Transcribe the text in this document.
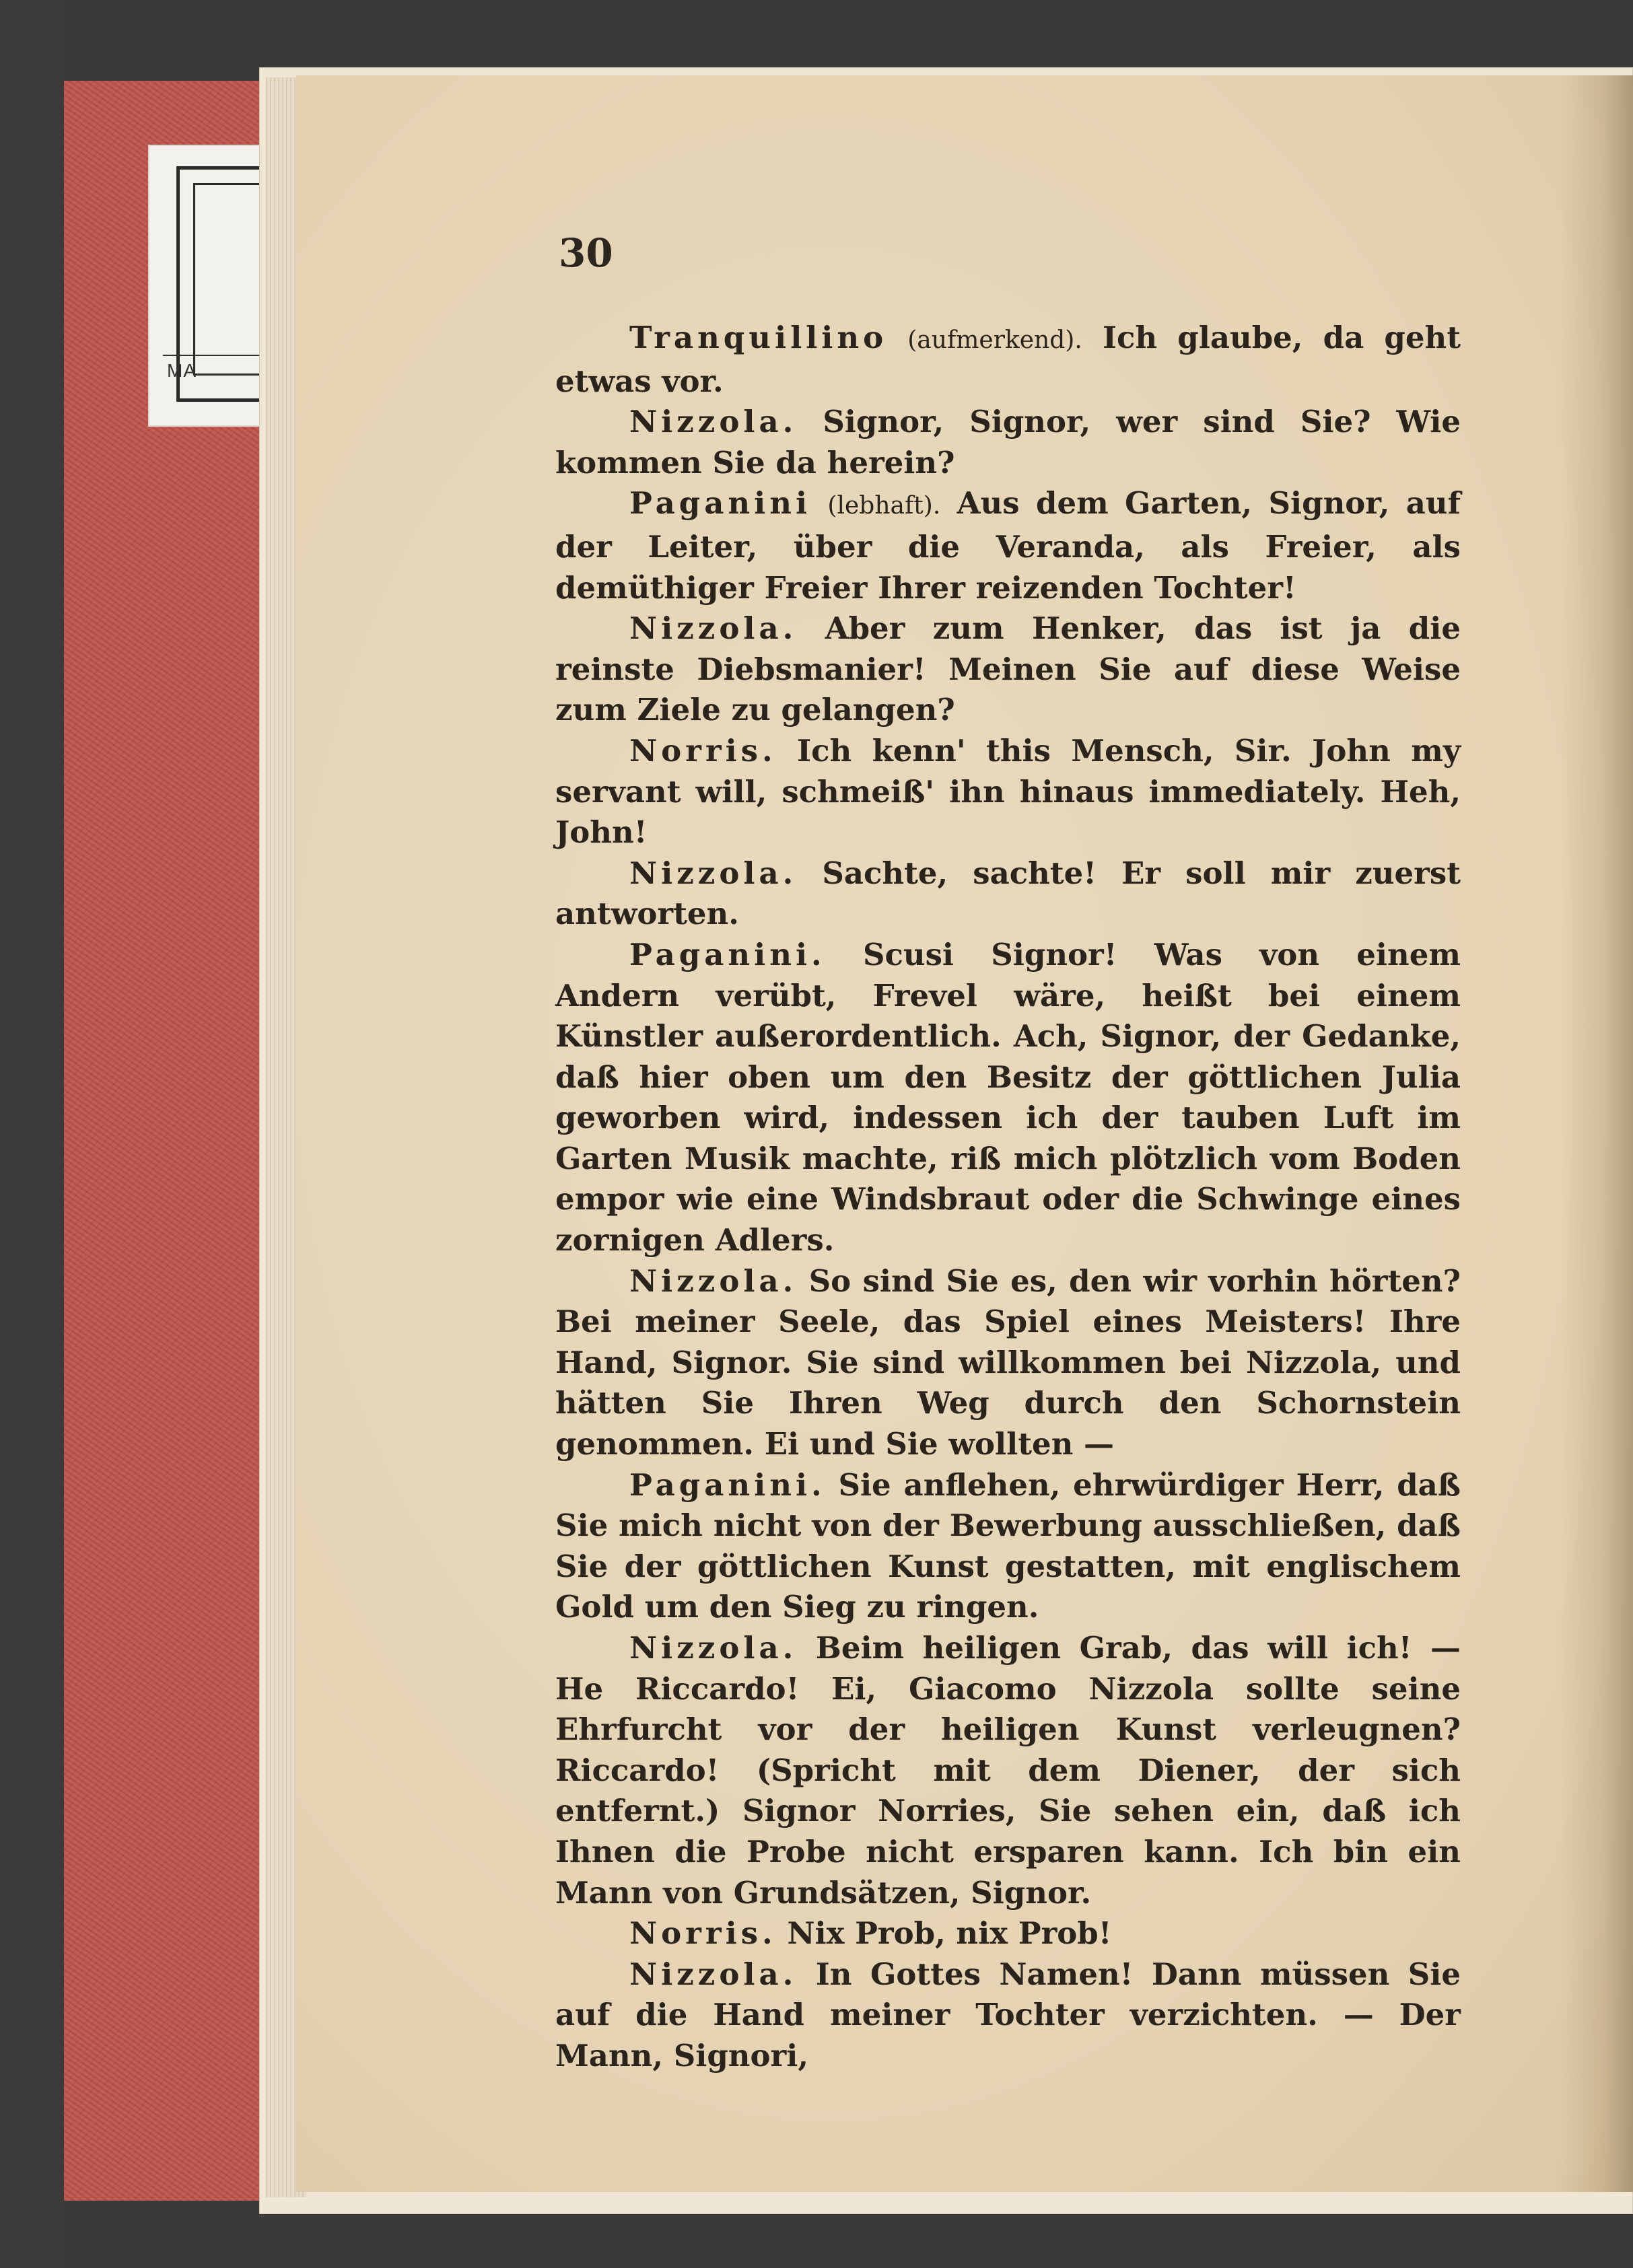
MA
30

Tranquillino (aufmerkend). Ich glaube, da geht etwas vor.

Nizzola. Signor, Signor, wer sind Sie? Wie kommen Sie da herein?

Paganini (lebhaft). Aus dem Garten, Signor, auf der Leiter, über die Veranda, als Freier, als demüthiger Freier Ihrer reizenden Tochter!

Nizzola. Aber zum Henker, das ist ja die reinste Diebsmanier! Meinen Sie auf diese Weise zum Ziele zu gelangen?

Norris. Ich kenn' this Mensch, Sir. John my servant will, schmeiß' ihn hinaus immediately. Heh, John!

Nizzola. Sachte, sachte! Er soll mir zuerst antworten.

Paganini. Scusi Signor! Was von einem Andern verübt, Frevel wäre, heißt bei einem Künstler außerordentlich. Ach, Signor, der Gedanke, daß hier oben um den Besitz der göttlichen Julia geworben wird, indessen ich der tauben Luft im Garten Musik machte, riß mich plötzlich vom Boden empor wie eine Windsbraut oder die Schwinge eines zornigen Adlers.

Nizzola. So sind Sie es, den wir vorhin hörten? Bei meiner Seele, das Spiel eines Meisters! Ihre Hand, Signor. Sie sind willkommen bei Nizzola, und hätten Sie Ihren Weg durch den Schornstein genommen. Ei und Sie wollten —

Paganini. Sie anflehen, ehrwürdiger Herr, daß Sie mich nicht von der Bewerbung ausschließen, daß Sie der göttlichen Kunst gestatten, mit englischem Gold um den Sieg zu ringen.

Nizzola. Beim heiligen Grab, das will ich! — He Riccardo! Ei, Giacomo Nizzola sollte seine Ehrfurcht vor der heiligen Kunst verleugnen? Riccardo! (Spricht mit dem Diener, der sich entfernt.) Signor Norries, Sie sehen ein, daß ich Ihnen die Probe nicht ersparen kann. Ich bin ein Mann von Grundsätzen, Signor.

Norris. Nix Prob, nix Prob!

Nizzola. In Gottes Namen! Dann müssen Sie auf die Hand meiner Tochter verzichten. — Der Mann, Signori,
